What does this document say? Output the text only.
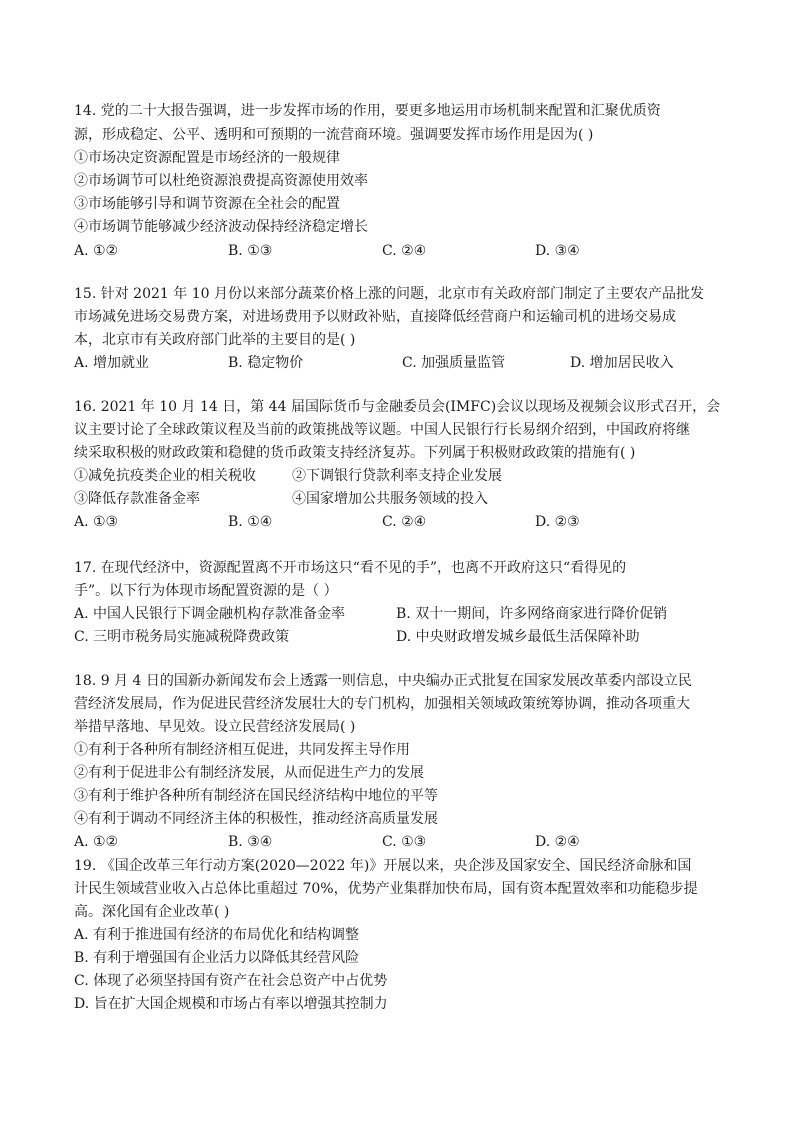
14. 党的二十大报告强调，进一步发挥市场的作用，要更多地运用市场机制来配置和汇聚优质资
源，形成稳定、公平、透明和可预期的一流营商环境。强调要发挥市场作用是因为( )
①市场决定资源配置是市场经济的一般规律
②市场调节可以杜绝资源浪费提高资源使用效率
③市场能够引导和调节资源在全社会的配置
④市场调节能够减少经济波动保持经济稳定增长
A. ①②	B. ①③	C. ②④	D. ③④
15. 针对 2021 年 10 月份以来部分蔬菜价格上涨的问题，北京市有关政府部门制定了主要农产品批发
市场减免进场交易费方案，对进场费用予以财政补贴，直接降低经营商户和运输司机的进场交易成
本，北京市有关政府部门此举的主要目的是( )
A. 增加就业	B. 稳定物价	C. 加强质量监管	D. 增加居民收入
16. 2021 年 10 月 14 日，第 44 届国际货币与金融委员会(IMFC)会议以现场及视频会议形式召开，会
议主要讨论了全球政策议程及当前的政策挑战等议题。中国人民银行行长易纲介绍到，中国政府将继
续采取积极的财政政策和稳健的货币政策支持经济复苏。下列属于积极财政政策的措施有( )
①减免抗疫类企业的相关税收	②下调银行贷款利率支持企业发展
③降低存款准备金率	④国家增加公共服务领域的投入
A. ①③	B. ①④	C. ②④	D. ②③
17. 在现代经济中，资源配置离不开市场这只“看不见的手”，也离不开政府这只“看得见的
手”。以下行为体现市场配置资源的是（ ）
A. 中国人民银行下调金融机构存款准备金率	B. 双十一期间，许多网络商家进行降价促销
C. 三明市税务局实施减税降费政策	D. 中央财政增发城乡最低生活保障补助
18. 9 月 4 日的国新办新闻发布会上透露一则信息，中央编办正式批复在国家发展改革委内部设立民
营经济发展局，作为促进民营经济发展壮大的专门机构，加强相关领域政策统筹协调，推动各项重大
举措早落地、早见效。设立民营经济发展局( )
①有利于各种所有制经济相互促进，共同发挥主导作用
②有利于促进非公有制经济发展，从而促进生产力的发展
③有利于维护各种所有制经济在国民经济结构中地位的平等
④有利于调动不同经济主体的积极性，推动经济高质量发展
A. ①②	B. ③④	C. ①③	D. ②④
19. 《国企改革三年行动方案(2020—2022 年)》开展以来，央企涉及国家安全、国民经济命脉和国
计民生领域营业收入占总体比重超过 70%，优势产业集群加快布局，国有资本配置效率和功能稳步提
高。深化国有企业改革( )
A. 有利于推进国有经济的布局优化和结构调整
B. 有利于增强国有企业活力以降低其经营风险
C. 体现了必须坚持国有资产在社会总资产中占优势
D. 旨在扩大国企规模和市场占有率以增强其控制力
